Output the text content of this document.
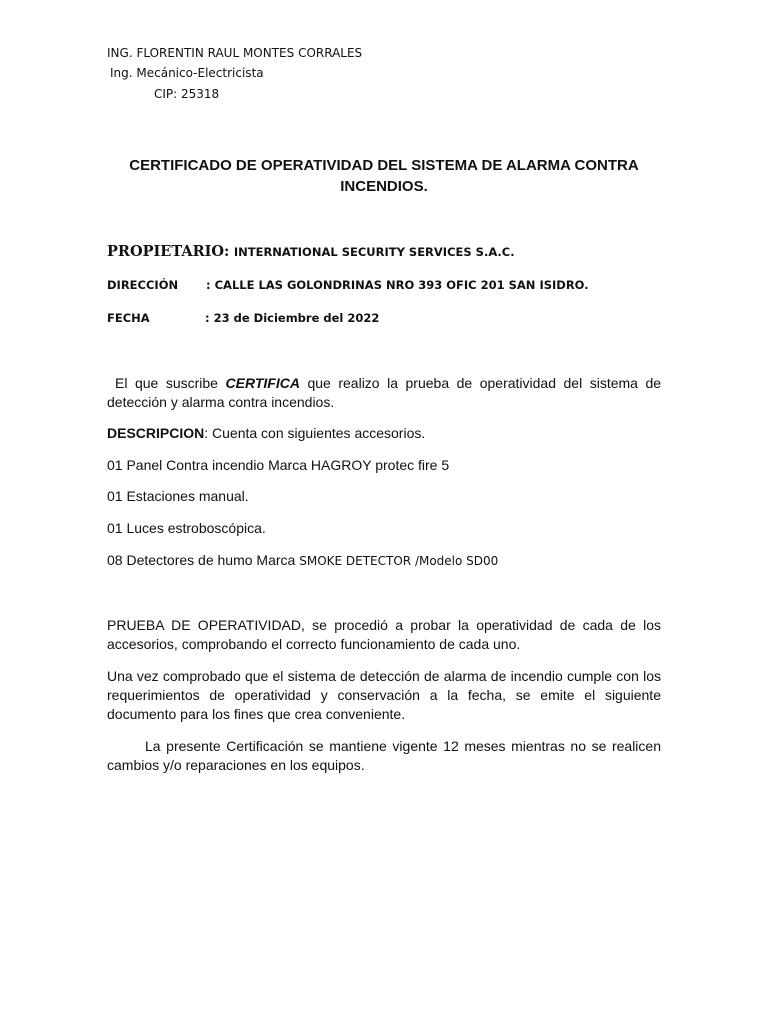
ING. FLORENTIN RAUL MONTES CORRALES
Ing. Mecánico-Electricista
CIP: 25318
CERTIFICADO DE OPERATIVIDAD DEL SISTEMA DE ALARMA CONTRA
INCENDIOS.
PROPIETARIO: INTERNATIONAL SECURITY SERVICES S.A.C.
DIRECCIÓN : CALLE LAS GOLONDRINAS NRO 393 OFIC 201 SAN ISIDRO.
FECHA	: 23 de Diciembre del 2022
El que suscribe CERTIFICA que realizo la prueba de operatividad del sistema de detección y alarma contra incendios.
DESCRIPCION: Cuenta con siguientes accesorios.
01 Panel Contra incendio Marca HAGROY protec fire 5
01 Estaciones manual.
01 Luces estroboscópica.
08 Detectores de humo Marca SMOKE DETECTOR /Modelo SD00
PRUEBA DE OPERATIVIDAD, se procedió a probar la operatividad de cada de los accesorios, comprobando el correcto funcionamiento de cada uno.
Una vez comprobado que el sistema de detección de alarma de incendio cumple con los requerimientos de operatividad y conservación a la fecha, se emite el siguiente documento para los fines que crea conveniente.
La presente Certificación se mantiene vigente 12 meses mientras no se realicen cambios y/o reparaciones en los equipos.
